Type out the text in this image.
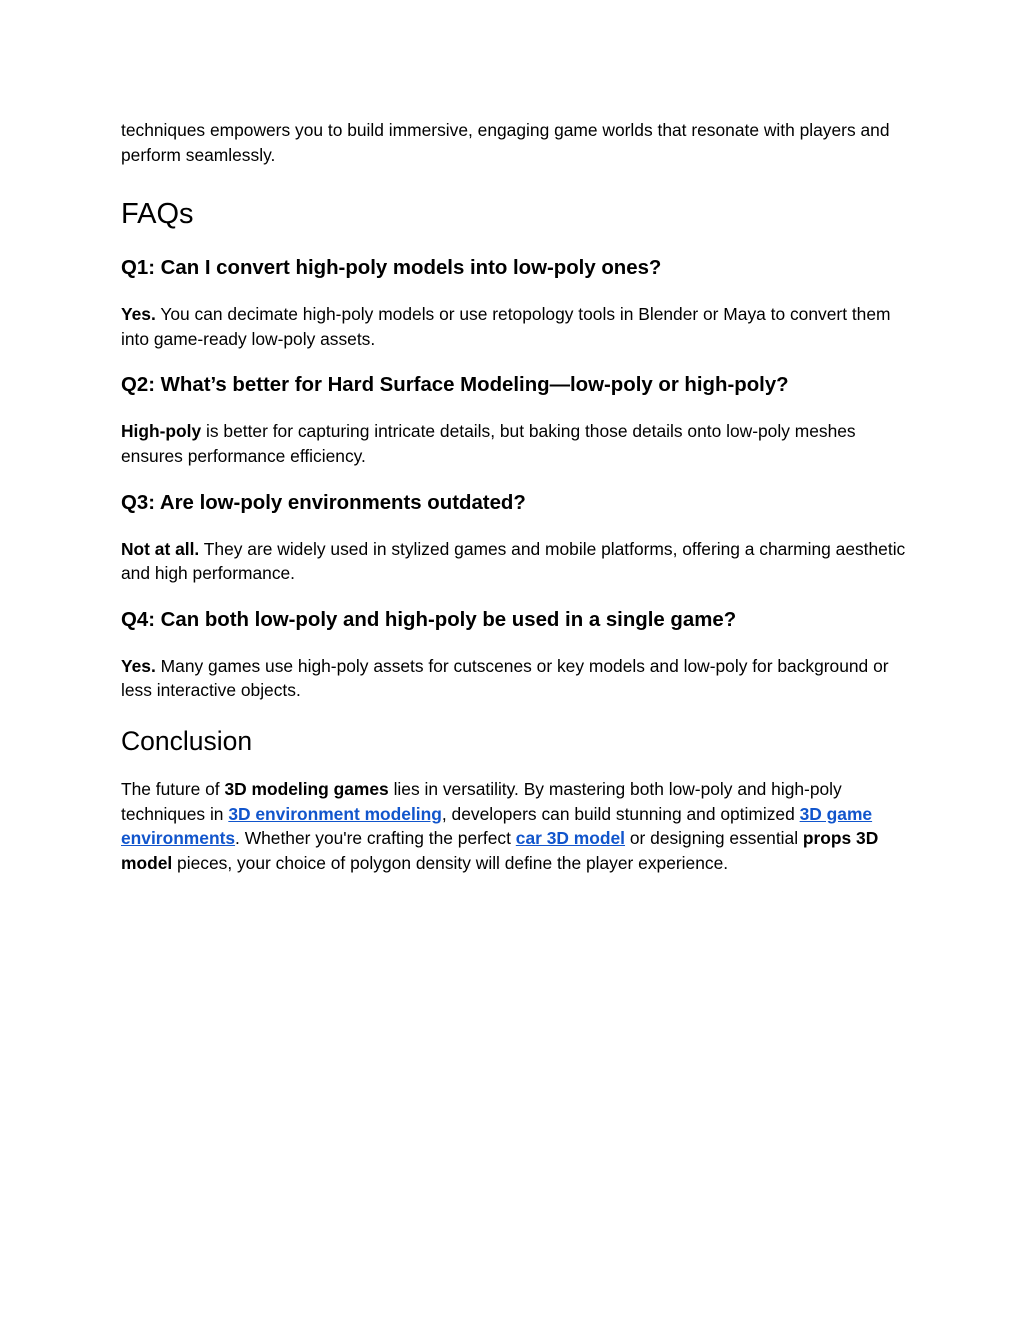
techniques empowers you to build immersive, engaging game worlds that resonate with players and perform seamlessly.

FAQs
Q1: Can I convert high-poly models into low-poly ones?

Yes. You can decimate high-poly models or use retopology tools in Blender or Maya to convert them into game-ready low-poly assets.

Q2: What’s better for Hard Surface Modeling—low-poly or high-poly?

High-poly is better for capturing intricate details, but baking those details onto low-poly meshes ensures performance efficiency.

Q3: Are low-poly environments outdated?

Not at all. They are widely used in stylized games and mobile platforms, offering a charming aesthetic and high performance.

Q4: Can both low-poly and high-poly be used in a single game?

Yes. Many games use high-poly assets for cutscenes or key models and low-poly for background or less interactive objects.

Conclusion

The future of 3D modeling games lies in versatility. By mastering both low-poly and high-poly techniques in 3D environment modeling, developers can build stunning and optimized 3D game environments. Whether you're crafting the perfect car 3D model or designing essential props 3D model pieces, your choice of polygon density will define the player experience.
